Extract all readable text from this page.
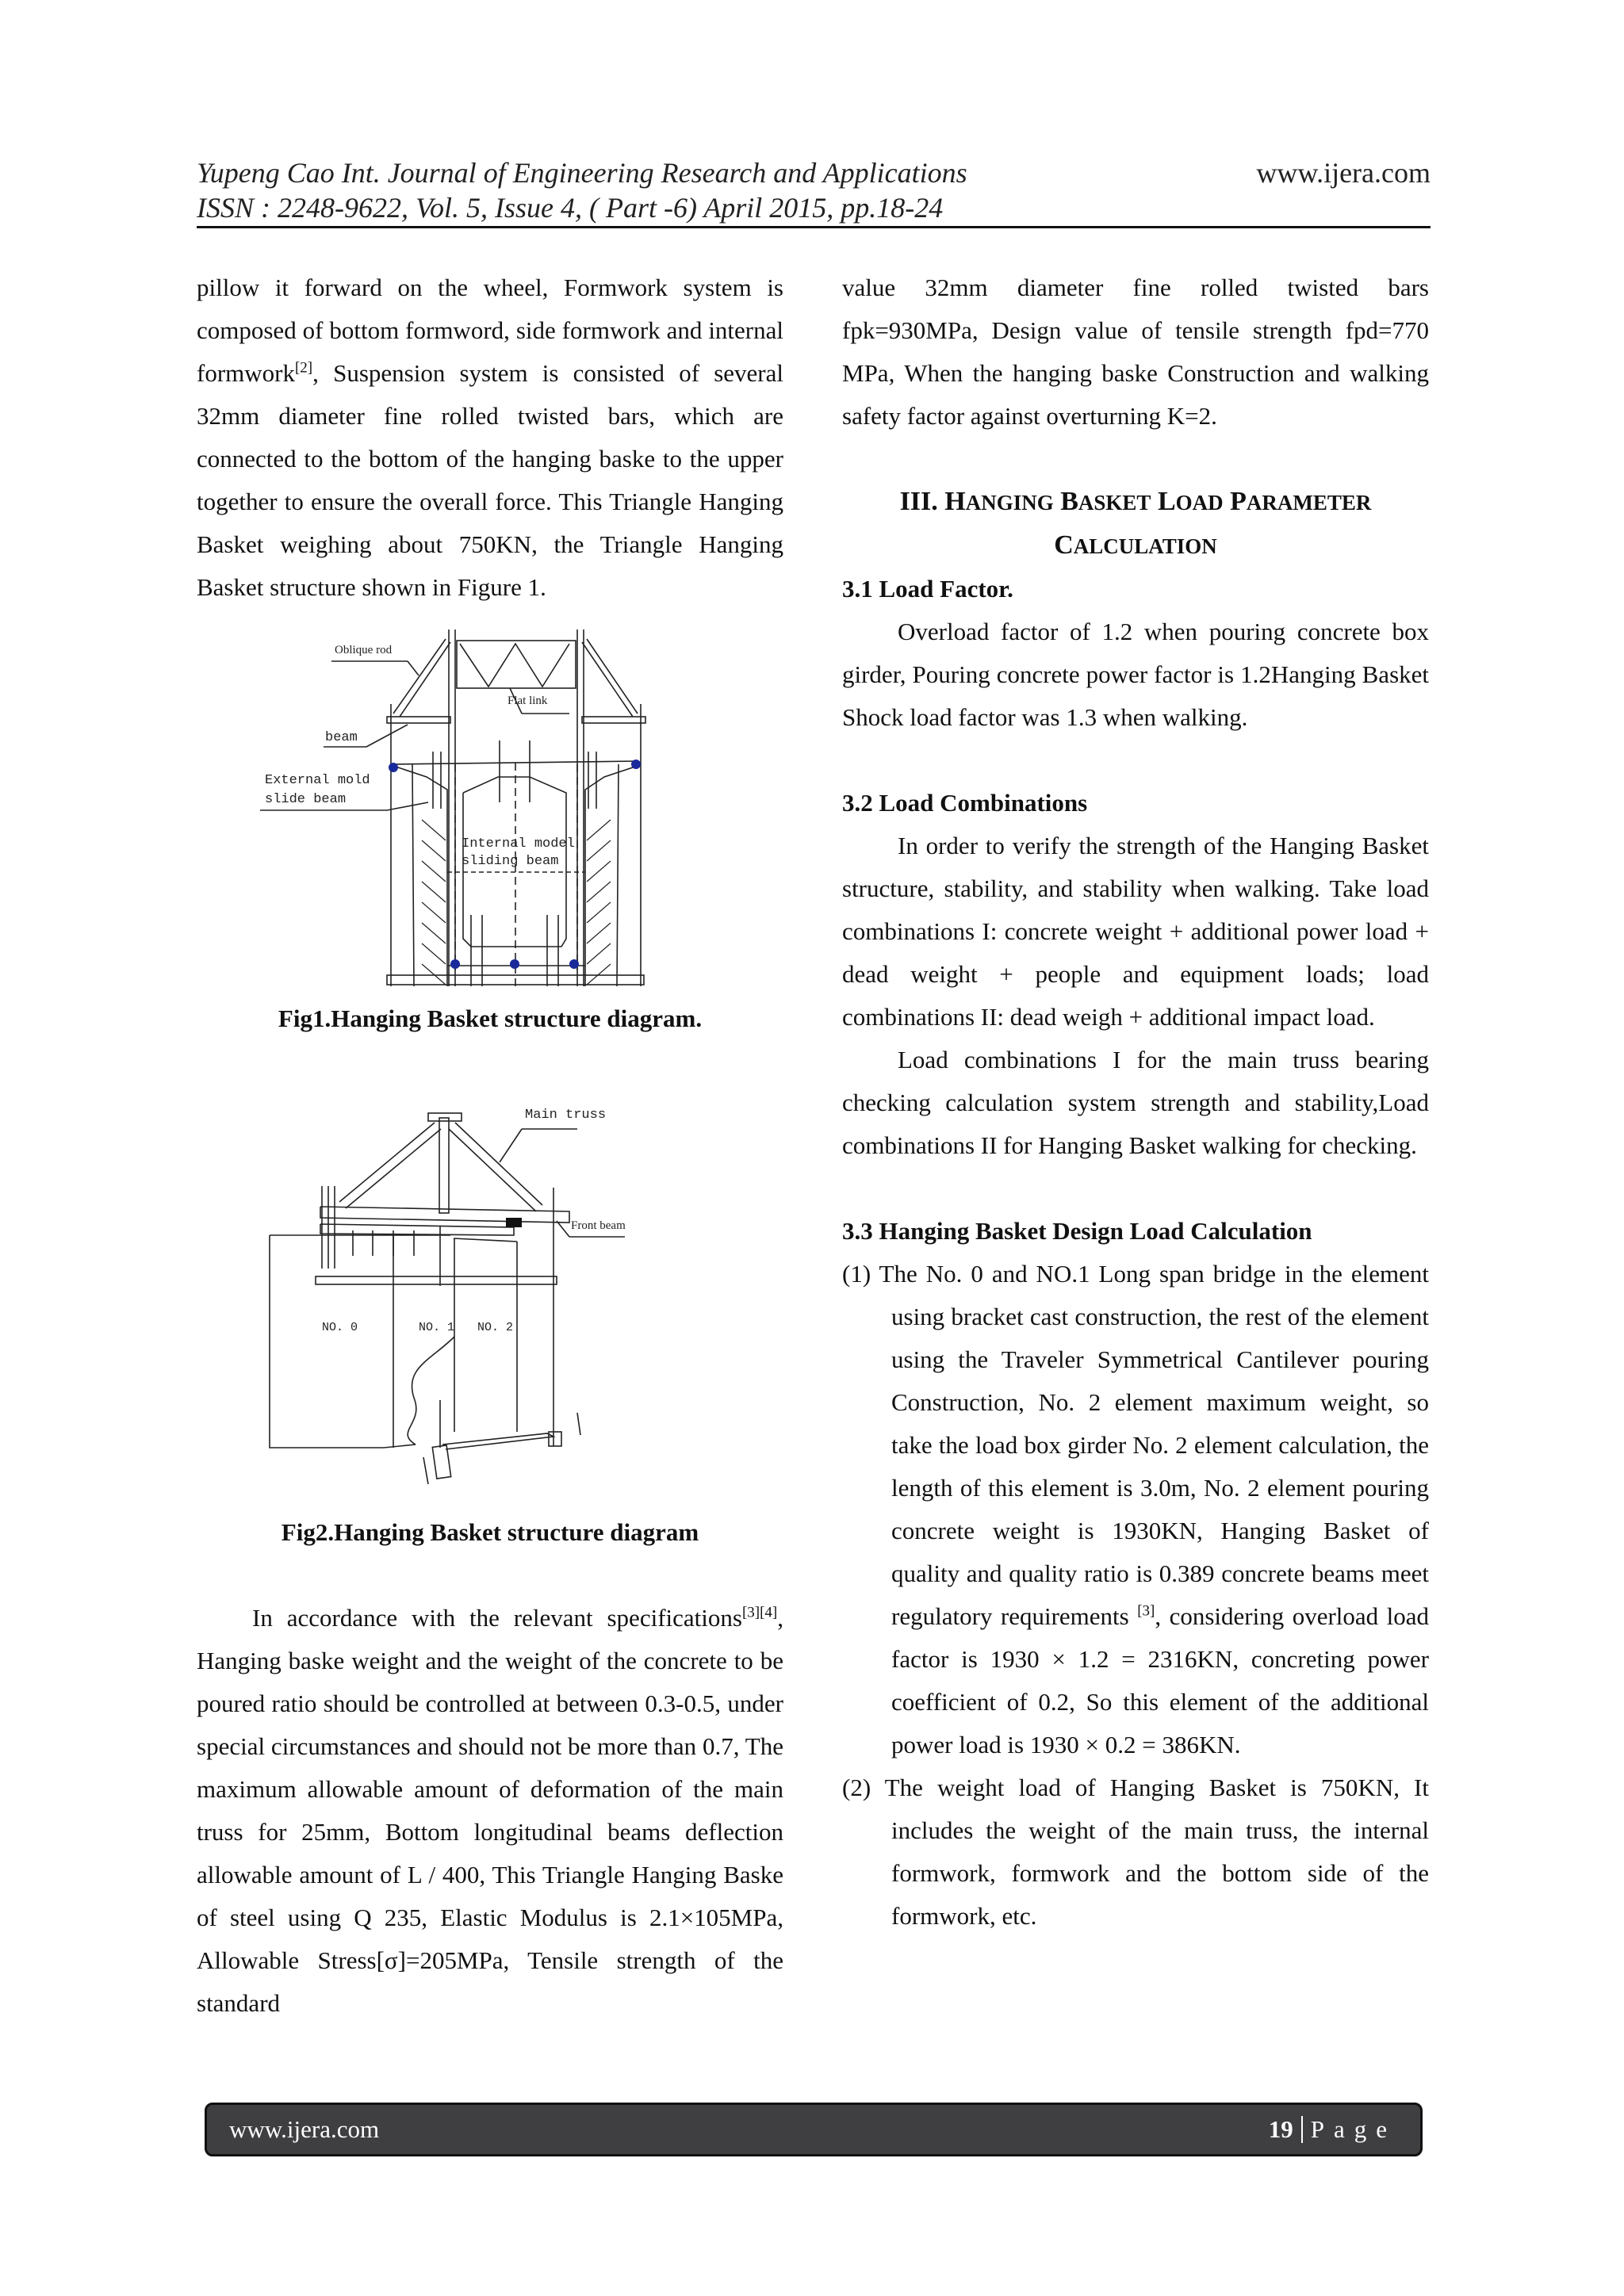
Yupeng Cao Int. Journal of Engineering Research and Applications	www.ijera.com
ISSN : 2248-9622, Vol. 5, Issue 4, ( Part -6) April 2015, pp.18-24

pillow it forward on the wheel, Formwork system is composed of bottom formword, side formwork and internal formwork[2], Suspension system is consisted of several 32mm diameter fine rolled twisted bars, which are connected to the bottom of the hanging baske to the upper together to ensure the overall force. This Triangle Hanging Basket weighing about 750KN, the Triangle Hanging Basket structure shown in Figure 1.

Oblique rod
Flat link
beam
External mold
slide beam
Internal model
sliding beam

Fig1.Hanging Basket structure diagram.

Main truss
Front beam
NO. 0	NO. 1 NO. 2

Fig2.Hanging Basket structure diagram

In accordance with the relevant specifications[3][4], Hanging baske weight and the weight of the concrete to be poured ratio should be controlled at between 0.3-0.5, under special circumstances and should not be more than 0.7, The maximum allowable amount of deformation of the main truss for 25mm, Bottom longitudinal beams deflection allowable amount of L / 400, This Triangle Hanging Baske of steel using Q 235, Elastic Modulus is 2.1×105MPa, Allowable Stress[σ]=205MPa, Tensile strength of the standard

value 32mm diameter fine rolled twisted bars fpk=930MPa, Design value of tensile strength fpd=770 MPa, When the hanging baske Construction and walking safety factor against overturning K=2.

III. HANGING BASKET LOAD PARAMETER
CALCULATION

3.1 Load Factor.

Overload factor of 1.2 when pouring concrete box girder, Pouring concrete power factor is 1.2Hanging Basket Shock load factor was 1.3 when walking.

3.2 Load Combinations

In order to verify the strength of the Hanging Basket structure, stability, and stability when walking. Take load combinations I: concrete weight + additional power load + dead weight + people and equipment loads; load combinations II: dead weigh + additional impact load.

Load combinations I for the main truss bearing checking calculation system strength and stability,Load combinations II for Hanging Basket walking for checking.

3.3 Hanging Basket Design Load Calculation

(1) The No. 0 and NO.1 Long span bridge in the element using bracket cast construction, the rest of the element using the Traveler Symmetrical Cantilever pouring Construction, No. 2 element maximum weight, so take the load box girder No. 2 element calculation, the length of this element is 3.0m, No. 2 element pouring concrete weight is 1930KN, Hanging Basket of quality and quality ratio is 0.389 concrete beams meet regulatory requirements [3], considering overload load factor is 1930 × 1.2 = 2316KN, concreting power coefficient of 0.2, So this element of the additional power load is 1930 × 0.2 = 386KN.

(2) The weight load of Hanging Basket is 750KN, It includes the weight of the main truss, the internal formwork, formwork and the bottom side of the formwork, etc.

www.ijera.com	19 Page
